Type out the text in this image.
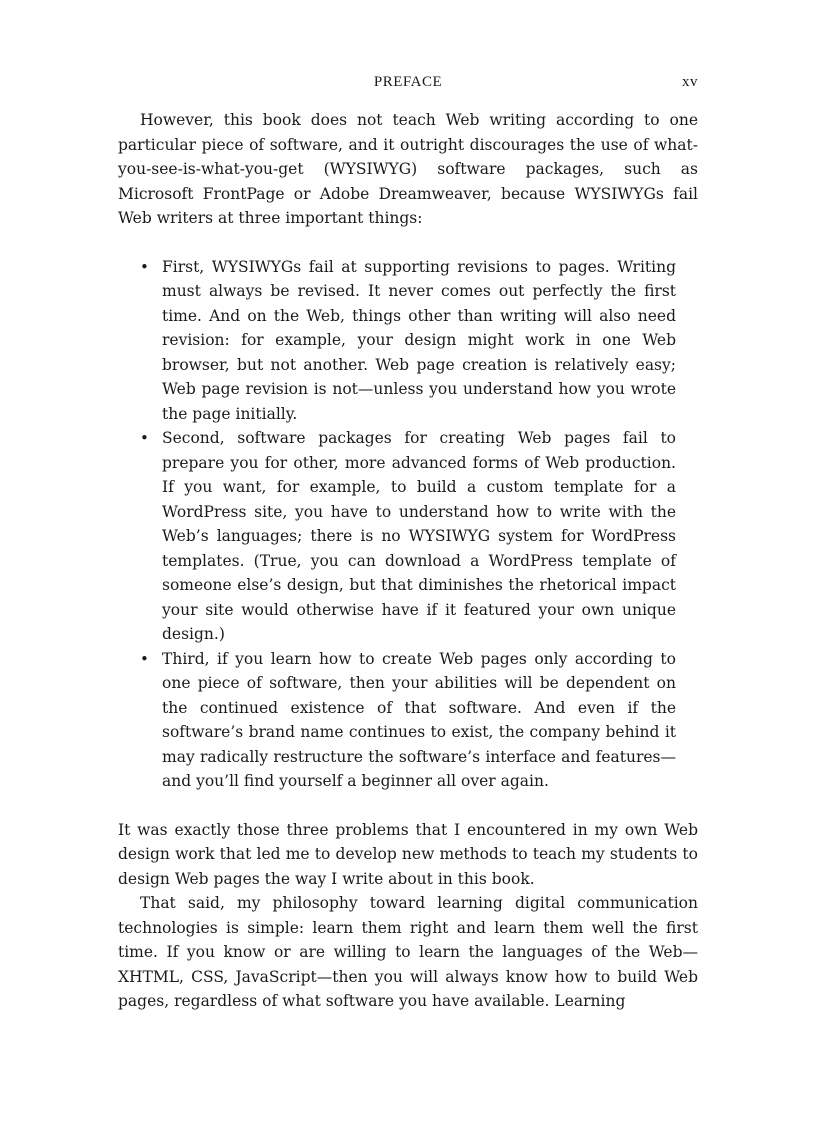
PREFACE	xv

However, this book does not teach Web writing according to one particular piece of software, and it outright discourages the use of what-you-see-is-what-you-get (WYSIWYG) software packages, such as Microsoft FrontPage or Adobe Dreamweaver, because WYSIWYGs fail Web writers at three important things:

• First, WYSIWYGs fail at supporting revisions to pages. Writing must always be revised. It never comes out perfectly the first time. And on the Web, things other than writing will also need revision: for example, your design might work in one Web browser, but not another. Web page creation is relatively easy; Web page revision is not—unless you understand how you wrote the page initially.
• Second, software packages for creating Web pages fail to prepare you for other, more advanced forms of Web production. If you want, for example, to build a custom template for a WordPress site, you have to understand how to write with the Web’s languages; there is no WYSIWYG system for WordPress templates. (True, you can download a WordPress template of someone else’s design, but that diminishes the rhetorical impact your site would otherwise have if it featured your own unique design.)
• Third, if you learn how to create Web pages only according to one piece of software, then your abilities will be dependent on the continued existence of that software. And even if the software’s brand name continues to exist, the company behind it may radically restructure the software’s interface and features—and you’ll find yourself a beginner all over again.

It was exactly those three problems that I encountered in my own Web design work that led me to develop new methods to teach my students to design Web pages the way I write about in this book.

That said, my philosophy toward learning digital communication technologies is simple: learn them right and learn them well the first time. If you know or are willing to learn the languages of the Web—XHTML, CSS, JavaScript—then you will always know how to build Web pages, regardless of what software you have available. Learning
